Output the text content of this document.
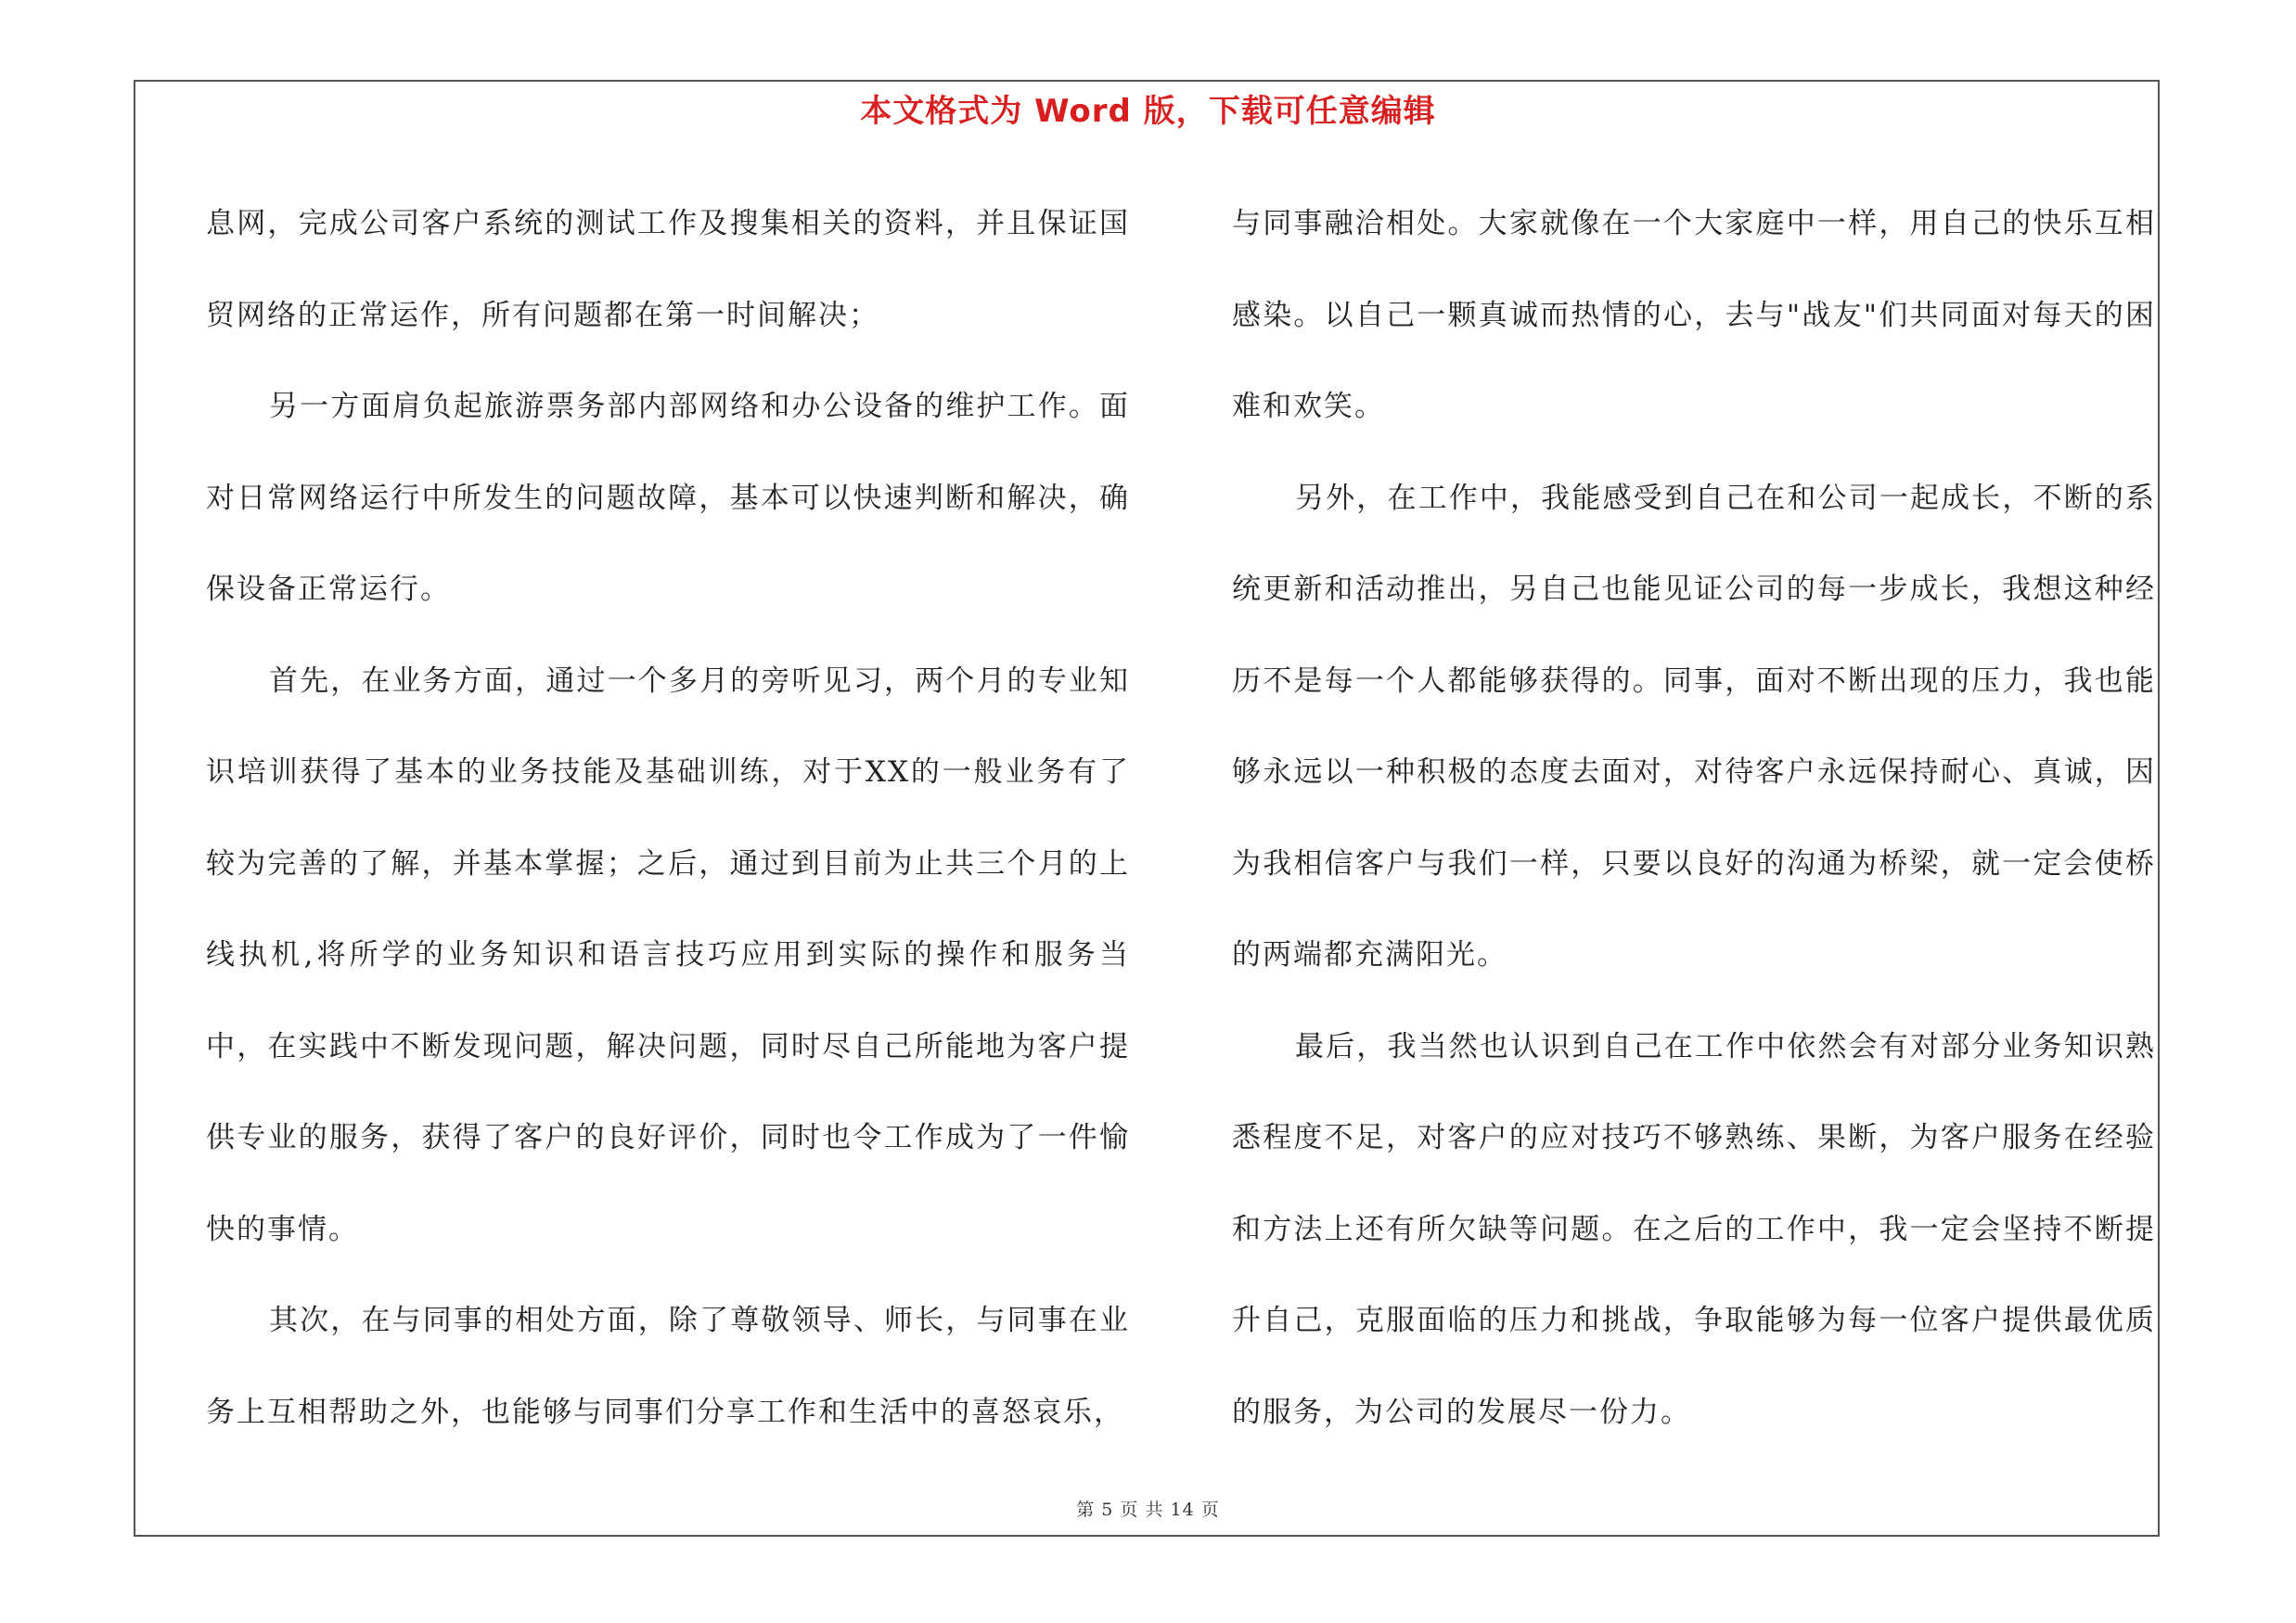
本文格式为 Word 版，下载可任意编辑

息网，完成公司客户系统的测试工作及搜集相关的资料，并且保证国贸网络的正常运作，所有问题都在第一时间解决；

另一方面肩负起旅游票务部内部网络和办公设备的维护工作。面对日常网络运行中所发生的问题故障，基本可以快速判断和解决，确保设备正常运行。

首先，在业务方面，通过一个多月的旁听见习，两个月的专业知识培训获得了基本的业务技能及基础训练，对于XX的一般业务有了较为完善的了解，并基本掌握；之后，通过到目前为止共三个月的上线执机,将所学的业务知识和语言技巧应用到实际的操作和服务当中，在实践中不断发现问题，解决问题，同时尽自己所能地为客户提供专业的服务，获得了客户的良好评价，同时也令工作成为了一件愉快的事情。

其次，在与同事的相处方面，除了尊敬领导、师长，与同事在业务上互相帮助之外，也能够与同事们分享工作和生活中的喜怒哀乐，

与同事融洽相处。大家就像在一个大家庭中一样，用自己的快乐互相感染。以自己一颗真诚而热情的心，去与"战友"们共同面对每天的困难和欢笑。

另外，在工作中，我能感受到自己在和公司一起成长，不断的系统更新和活动推出，另自己也能见证公司的每一步成长，我想这种经历不是每一个人都能够获得的。同事，面对不断出现的压力，我也能够永远以一种积极的态度去面对，对待客户永远保持耐心、真诚，因为我相信客户与我们一样，只要以良好的沟通为桥梁，就一定会使桥的两端都充满阳光。

最后，我当然也认识到自己在工作中依然会有对部分业务知识熟悉程度不足，对客户的应对技巧不够熟练、果断，为客户服务在经验和方法上还有所欠缺等问题。在之后的工作中，我一定会坚持不断提升自己，克服面临的压力和挑战，争取能够为每一位客户提供最优质的服务，为公司的发展尽一份力。

第 5 页 共 14 页
